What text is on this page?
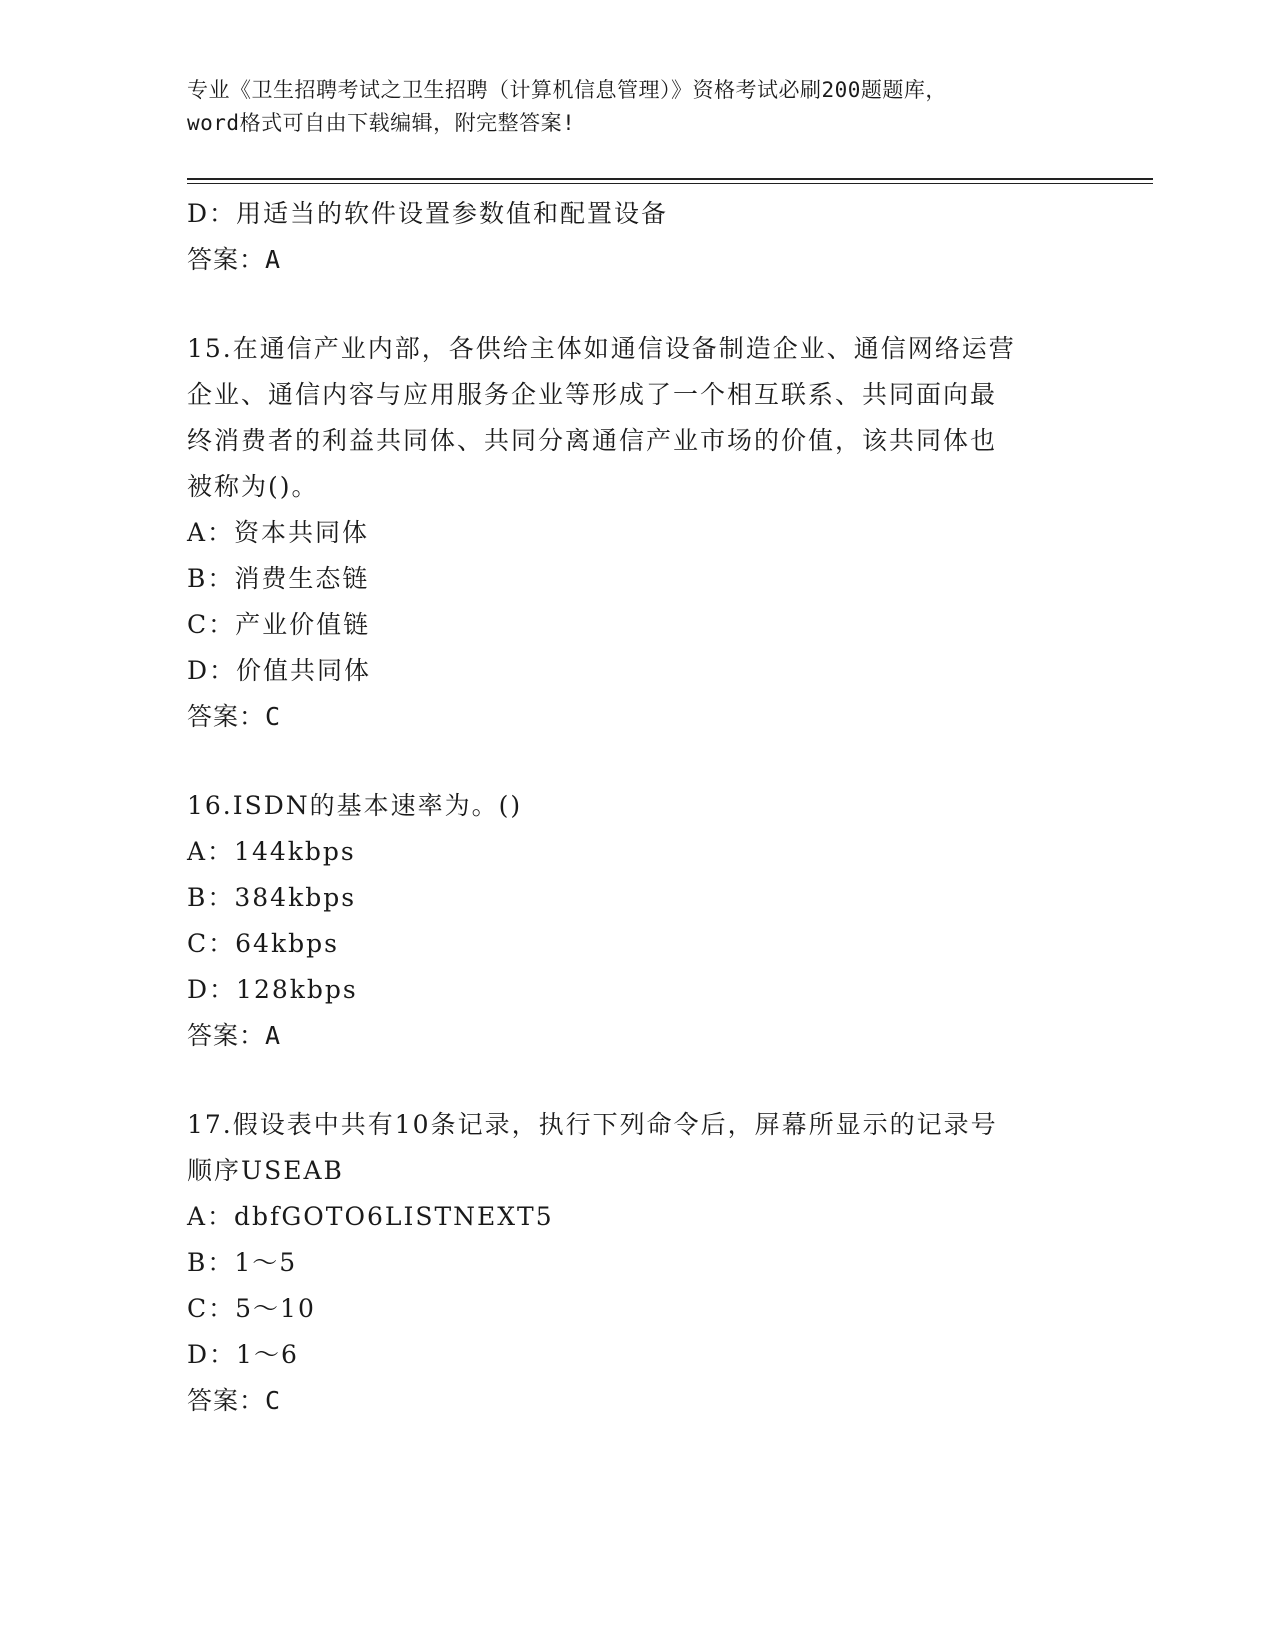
专业《卫生招聘考试之卫生招聘（计算机信息管理）》资格考试必刷200题题库，
word格式可自由下载编辑，附完整答案!
D：用适当的软件设置参数值和配置设备
答案：A
15.在通信产业内部，各供给主体如通信设备制造企业、通信网络运营
企业、通信内容与应用服务企业等形成了一个相互联系、共同面向最
终消费者的利益共同体、共同分离通信产业市场的价值，该共同体也
被称为()。
A：资本共同体
B：消费生态链
C：产业价值链
D：价值共同体
答案：C
16.ISDN的基本速率为。()
A：144kbps
B：384kbps
C：64kbps
D：128kbps
答案：A
17.假设表中共有10条记录，执行下列命令后，屏幕所显示的记录号
顺序USEAB
A：dbfGOTO6LISTNEXT5
B：1～5
C：5～10
D：1～6
答案：C
